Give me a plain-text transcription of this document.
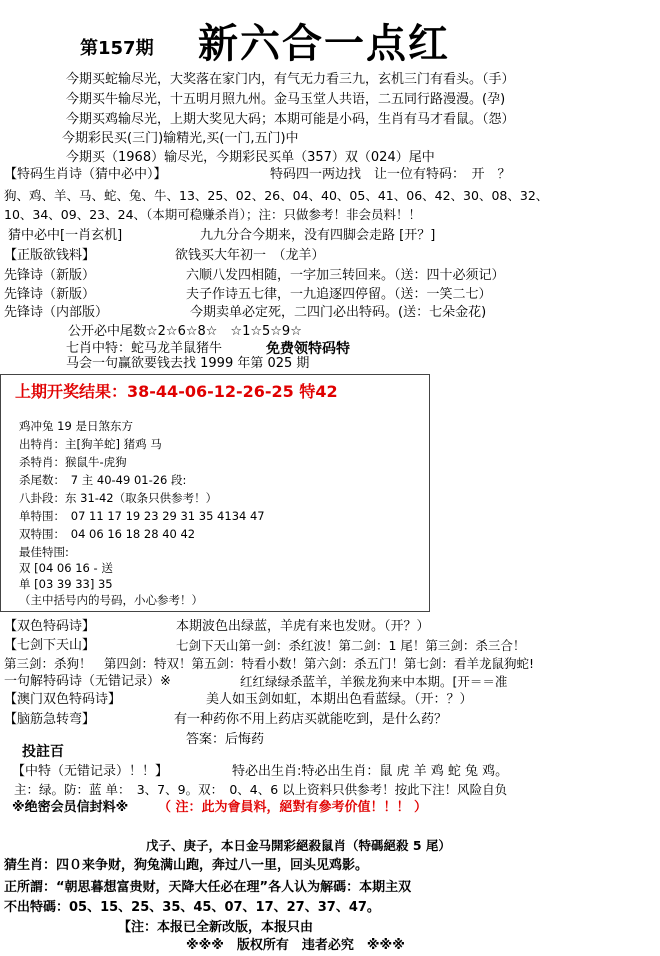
第157期 新六合一点红
今期买蛇输尽光，大奖落在家门内，有气无力看三九，玄机三门有看头。（手）
今期买牛输尽光，十五明月照九州。金马玉堂人共语，二五同行路漫漫。(孕)
今期买鸡输尽光，上期大奖见大码；本期可能是小码，生肖有马才看鼠。（怨）
今期彩民买(三门)输精光,买(一门,五门)中
今期买（1968）输尽光，今期彩民买单（357）双（024）尾中
【特码生肖诗（猜中必中）】	特码四一两边找　让一位有特码：　开　？
狗、鸡、羊、马、蛇、兔、牛、13、25、02、26、04、40、05、41、06、42、30、08、32、
10、34、09、23、24、（本期可稳赚杀肖）；注：只做参考！非会员料！！
猜中必中[一肖玄机]	九九分合今期来，没有四脚会走路 [开？]
【正版欲钱料】	欲钱买大年初一　（龙羊）
先锋诗（新版）	六顺八发四相随，一字加三转回来。（送：四十必须记）
先锋诗（新版）	夫子作诗五七律，一九追逐四停留。（送：一笑二七）
先锋诗（内部版）	今期卖单必定死，二四门必出特码。(送：七朵金花)
公开必中尾数☆2☆6☆8☆　☆1☆5☆9☆
七肖中特：蛇马龙羊鼠猪牛	免费领特码特
马会一句赢欲要钱去找 1999 年第 025 期
上期开奖结果：38-44-06-12-26-25 特42
鸡冲兔 19 是日煞东方
出特肖：主[狗羊蛇] 猪鸡 马
杀特肖：猴鼠牛-虎狗
杀尾数：　7 主 40-49 01-26 段:
八卦段：东 31-42（取条只供参考！）
单特围：　07 11 17 19 23 29 31 35 4134 47
双特围：　04 06 16 18 28 40 42
最佳特围:
双 [04 06 16 - 送
单 [03 39 33] 35
（主中括号内的号码，小心参考！）
【双色特码诗】	本期波色出绿蓝，羊虎有来也发财。（开？）
【七剑下天山】	七剑下天山第一剑：杀红波！第二剑：1 尾！第三剑：杀三合！
第三剑：杀狗！　第四剑：特双！第五剑：特看小数！第六剑：杀五门！第七剑：看羊龙鼠狗蛇!
一句解特码诗（无错记录）※	红红绿绿杀蓝羊，羊猴龙狗来中本期。[开＝＝准
【澳门双色特码诗】	美人如玉剑如虹，本期出色看蓝绿。（开：？）
【脑筋急转弯】	有一种药你不用上药店买就能吃到，是什么药？
答案：后悔药
投註百
【中特（无错记录）！！】	特必出生肖:特必出生肖：鼠 虎 羊 鸡 蛇 兔 鸡。
主：绿。防：蓝 单：　3、7、9。双：　0、4、6 以上资料只供参考！按此下注！风险自负
※绝密会员信封料※ （ 注：此为會員料，絕對有參考价值！！！ ）
戊子、庚子，本日金马開彩絕殺鼠肖（特碼絕殺 5 尾）
猜生肖：四０来争财，狗兔满山跑，奔过八一里，回头见鸡影。
正所謂：“朝思暮想富贵财，天降大任必在理”各人认为解碼：本期主双
不出特碼：05、15、25、35、45、07、17、27、37、47。
【注：本报已全新改版，本报只由
※※※　版权所有　违者必究　※※※
